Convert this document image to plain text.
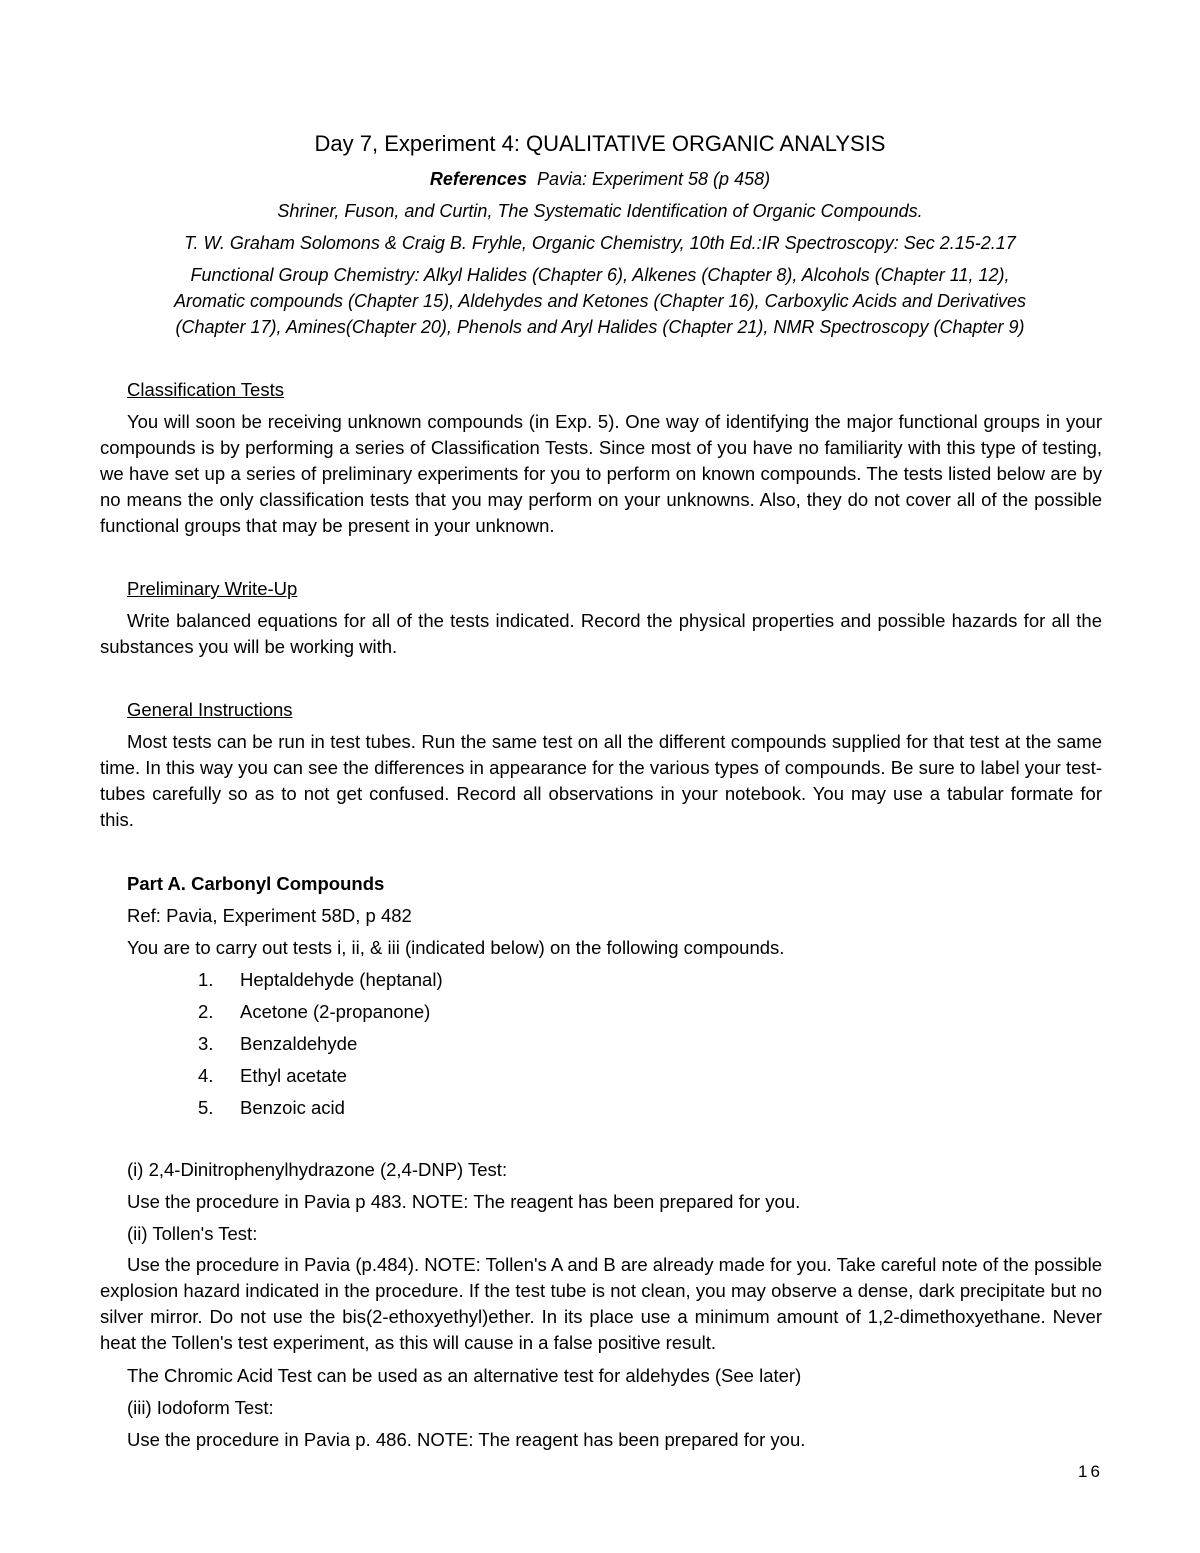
Day 7, Experiment 4: QUALITATIVE ORGANIC ANALYSIS
References Pavia: Experiment 58 (p 458)
Shriner, Fuson, and Curtin, The Systematic Identification of Organic Compounds.
T. W. Graham Solomons & Craig B. Fryhle, Organic Chemistry, 10th Ed.:IR Spectroscopy: Sec 2.15-2.17
Functional Group Chemistry: Alkyl Halides (Chapter 6), Alkenes (Chapter 8), Alcohols (Chapter 11, 12),
Aromatic compounds (Chapter 15), Aldehydes and Ketones (Chapter 16), Carboxylic Acids and Derivatives
(Chapter 17), Amines(Chapter 20), Phenols and Aryl Halides (Chapter 21), NMR Spectroscopy (Chapter 9)
Classification Tests
You will soon be receiving unknown compounds (in Exp. 5). One way of identifying the major functional groups in your compounds is by performing a series of Classification Tests. Since most of you have no familiarity with this type of testing, we have set up a series of preliminary experiments for you to perform on known compounds. The tests listed below are by no means the only classification tests that you may perform on your unknowns. Also, they do not cover all of the possible functional groups that may be present in your unknown.
Preliminary Write-Up
Write balanced equations for all of the tests indicated. Record the physical properties and possible hazards for all the substances you will be working with.
General Instructions
Most tests can be run in test tubes. Run the same test on all the different compounds supplied for that test at the same time. In this way you can see the differences in appearance for the various types of compounds. Be sure to label your test-tubes carefully so as to not get confused. Record all observations in your notebook. You may use a tabular formate for this.
Part A. Carbonyl Compounds
Ref: Pavia, Experiment 58D, p 482
You are to carry out tests i, ii, & iii (indicated below) on the following compounds.
1. Heptaldehyde (heptanal)
2. Acetone (2-propanone)
3. Benzaldehyde
4. Ethyl acetate
5. Benzoic acid
(i) 2,4-Dinitrophenylhydrazone (2,4-DNP) Test:
Use the procedure in Pavia p 483. NOTE: The reagent has been prepared for you.
(ii) Tollen's Test:
Use the procedure in Pavia (p.484). NOTE: Tollen's A and B are already made for you. Take careful note of the possible explosion hazard indicated in the procedure. If the test tube is not clean, you may observe a dense, dark precipitate but no silver mirror. Do not use the bis(2-ethoxyethyl)ether. In its place use a minimum amount of 1,2-dimethoxyethane. Never heat the Tollen's test experiment, as this will cause in a false positive result.
The Chromic Acid Test can be used as an alternative test for aldehydes (See later)
(iii) Iodoform Test:
Use the procedure in Pavia p. 486. NOTE: The reagent has been prepared for you.
16
